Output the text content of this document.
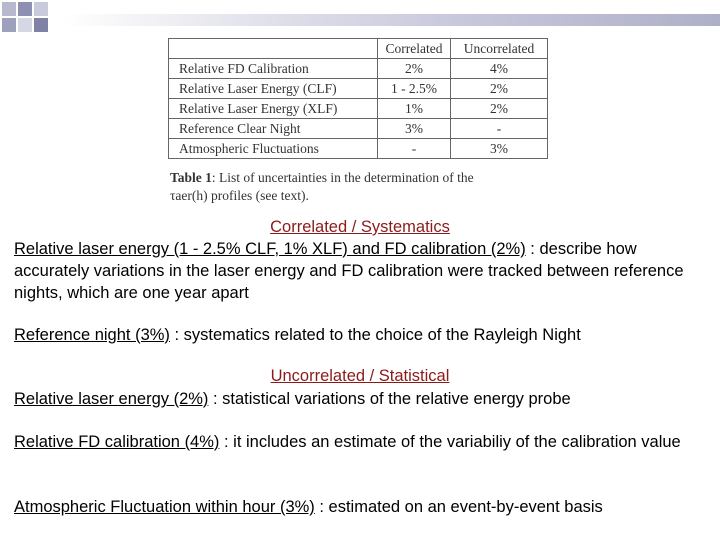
	Correlated	Uncorrelated
Relative FD Calibration	2%	4%
Relative Laser Energy (CLF)	1 - 2.5%	2%
Relative Laser Energy (XLF)	1%	2%
Reference Clear Night	3%	-
Atmospheric Fluctuations	-	3%
Table 1: List of uncertainties in the determination of the
τaer(h) profiles (see text).
Correlated / Systematics
Relative laser energy (1 - 2.5% CLF, 1% XLF) and FD calibration (2%) : describe how accurately variations in the laser energy and FD calibration were tracked between reference nights, which are one year apart
Reference night (3%) : systematics related to the choice of the Rayleigh Night
Uncorrelated / Statistical
Relative laser energy (2%) : statistical variations of the relative energy probe
Relative FD calibration (4%) : it includes an estimate of the variabiliy of the calibration value
Atmospheric Fluctuation within hour (3%) : estimated on an event-by-event basis
